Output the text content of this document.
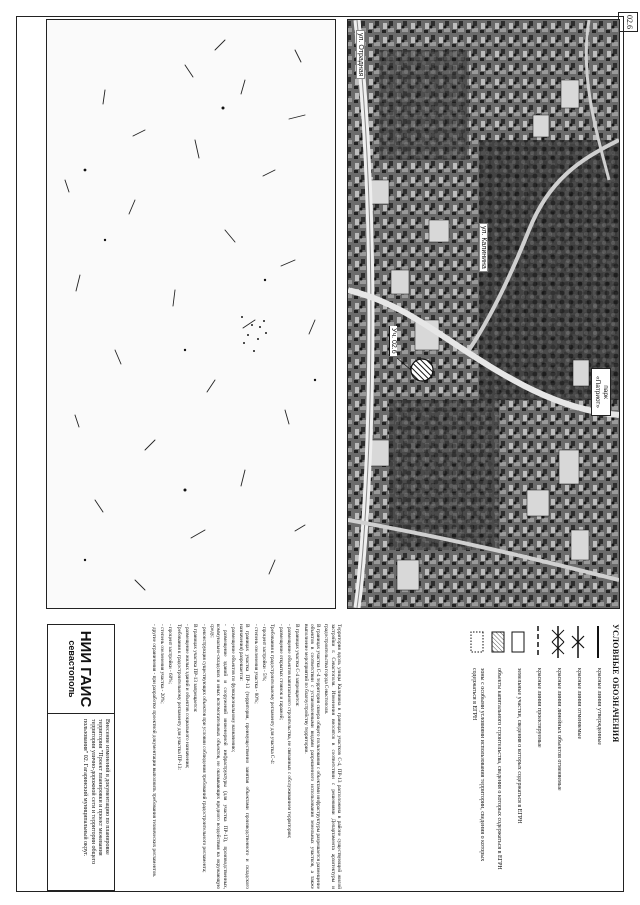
02.6
ул. Отрадная
ул. Калинина
Уч. 02.6
парк «Патриот»
УСЛОВНЫЕ ОБОЗНАЧЕНИЯ
красные линии утвержденные
красные линии отменяемые
красные линии линейных объектов отменяемые
красные линии проектируемые
земельные участки, сведения о которых содержаться в ЕГРН
объекты капитального строительства, сведения о которых содержаться в ЕГРН
зоны с особыми условиями использования территории, сведения о которых содержаться в ЕГРН

Территория вдоль улицы Калинина в границах участков С-4, ПР-13 расположена в районе существующей жилой застройки г. Севастополя. Изменения вносятся в соответствии с решениями Департамента архитектуры и градостроительства города Севастополя.

В границах участка С-4 территория сквера общего пользования с объектами инфраструктуры разрешается размещение объектов в соответствии с установленными видами разрешенного использования земельных участков, а также выполнение мероприятий по благоустройству территории.

В границах участка С-4 запрещается:

- размещение объектов капитального строительства, не связанных с обслуживанием территории;

- размещение открытых стоянок и гаражей;

Требования к градостроительному регламенту для участка С-4:

- процент застройки - 5%;

- степень озеленения участка - 80%;

В границах участка ПР-13 (территория, преимущественно занятая объектами производственного и складского назначения) разрешается:

- размещение объектов по функциональному назначению;

- размещение зданий и сооружений инженерной инфраструктуры (для участка ПР-13), производственных, коммунально-складских и иных вспомогательных объектов, не оказывающих вредного воздействия на окружающую среду;

- реконструкция существующих объектов при условии соблюдения требований градостроительного регламента;

В границах участка ПР-13 запрещается:

- размещение жилых зданий и объектов социального назначения;

Требования к градостроительному регламенту для участка ПР-13:

- процент застройки - 60%;

- степень озеленения участка - 20%;

- другие ограничения - при разработке проектной документации выполнить требования технических регламентов.

НИИ ГАИС
севастополь
Внесение изменений в документацию по планировке территории "Проект планировки и проект межевания территории улично-дорожной сети и территории общего пользования" 02. Гагаринский муниципальный округ.
